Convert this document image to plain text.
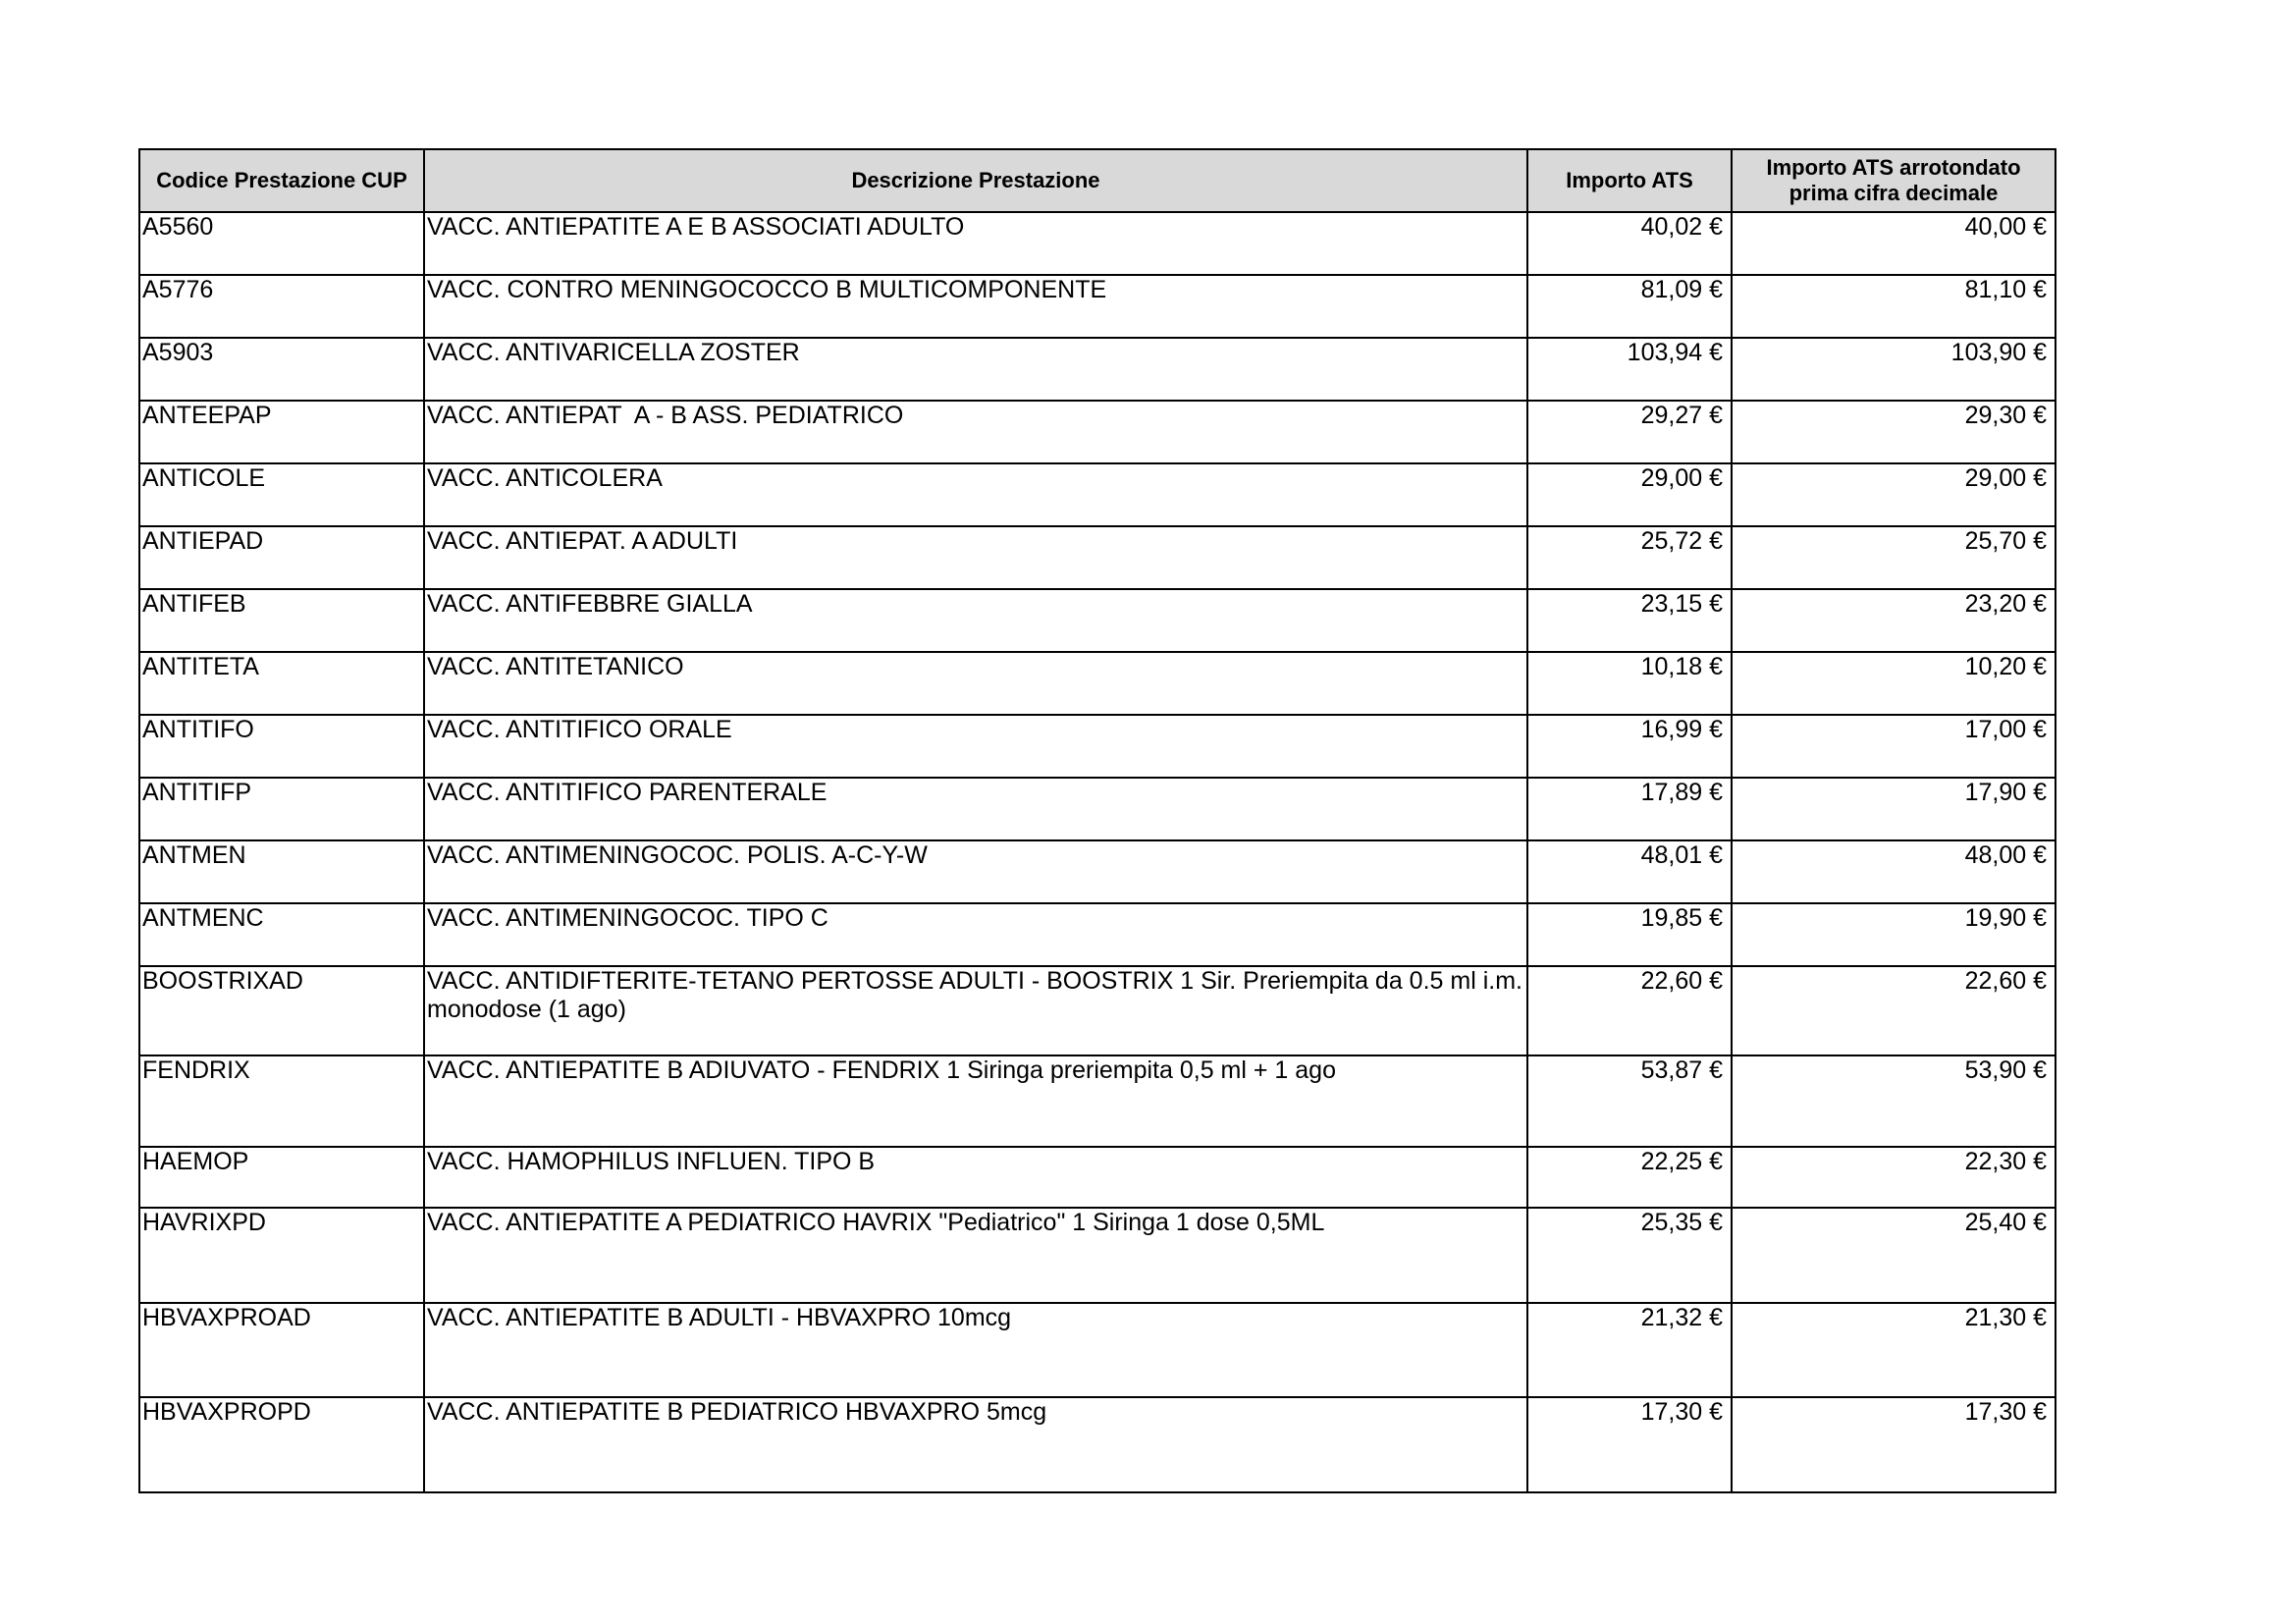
Codice Prestazione CUP	Descrizione Prestazione	Importo ATS	Importo ATS arrotondato
prima cifra decimale
A5560	VACC. ANTIEPATITE A E B ASSOCIATI ADULTO	40,02 €	40,00 €
A5776	VACC. CONTRO MENINGOCOCCO B MULTICOMPONENTE	81,09 €	81,10 €
A5903	VACC. ANTIVARICELLA ZOSTER	103,94 €	103,90 €
ANTEEPAP	VACC. ANTIEPAT  A - B ASS. PEDIATRICO	29,27 €	29,30 €
ANTICOLE	VACC. ANTICOLERA	29,00 €	29,00 €
ANTIEPAD	VACC. ANTIEPAT. A ADULTI	25,72 €	25,70 €
ANTIFEB	VACC. ANTIFEBBRE GIALLA	23,15 €	23,20 €
ANTITETA	VACC. ANTITETANICO	10,18 €	10,20 €
ANTITIFO	VACC. ANTITIFICO ORALE	16,99 €	17,00 €
ANTITIFP	VACC. ANTITIFICO PARENTERALE	17,89 €	17,90 €
ANTMEN	VACC. ANTIMENINGOCOC. POLIS. A-C-Y-W	48,01 €	48,00 €
ANTMENC	VACC. ANTIMENINGOCOC. TIPO C	19,85 €	19,90 €
BOOSTRIXAD	VACC. ANTIDIFTERITE-TETANO PERTOSSE ADULTI - BOOSTRIX 1 Sir. Preriempita da 0.5 ml i.m. monodose (1 ago)	22,60 €	22,60 €
FENDRIX	VACC. ANTIEPATITE B ADIUVATO - FENDRIX 1 Siringa preriempita 0,5 ml + 1 ago	53,87 €	53,90 €
HAEMOP	VACC. HAMOPHILUS INFLUEN. TIPO B	22,25 €	22,30 €
HAVRIXPD	VACC. ANTIEPATITE A PEDIATRICO HAVRIX "Pediatrico" 1 Siringa 1 dose 0,5ML	25,35 €	25,40 €
HBVAXPROAD	VACC. ANTIEPATITE B ADULTI - HBVAXPRO 10mcg	21,32 €	21,30 €
HBVAXPROPD	VACC. ANTIEPATITE B PEDIATRICO HBVAXPRO 5mcg	17,30 €	17,30 €
